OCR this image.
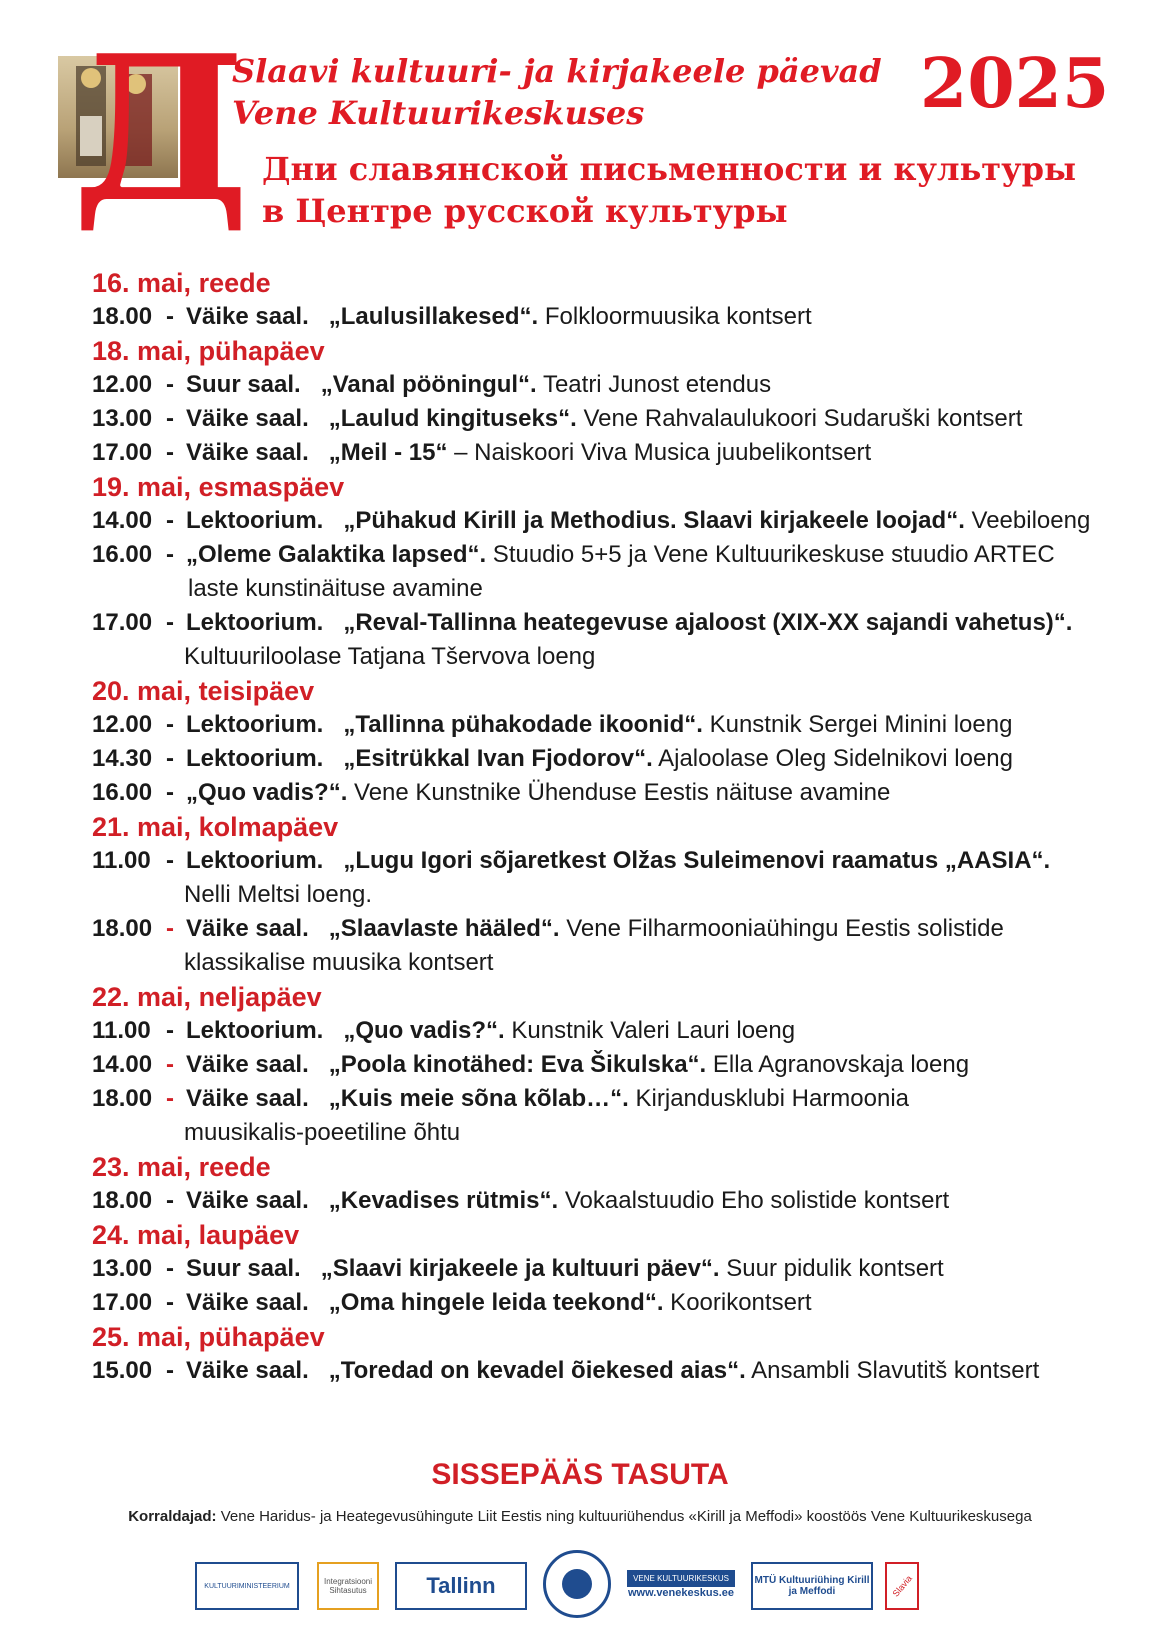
Д
Slaavi kultuuri- ja kirjakeele päevad
Vene Kultuurikeskuses
Дни славянской письменности и культуры
в Центре русской культуры
2025
16. mai, reede
18.00 - Väike saal. „Laulusillakesed“. Folkloormuusika kontsert
18. mai, pühapäev
12.00 - Suur saal. „Vanal pööningul“. Teatri Junost etendus
13.00 - Väike saal. „Laulud kingituseks“. Vene Rahvalaulukoori Sudaruški kontsert
17.00 - Väike saal. „Meil - 15“ – Naiskoori Viva Musica juubelikontsert
19. mai, esmaspäev
14.00 - Lektoorium. „Pühakud Kirill ja Methodius. Slaavi kirjakeele loojad“. Veebiloeng
16.00 - „Oleme Galaktika lapsed“. Stuudio 5+5 ja Vene Kultuurikeskuse stuudio ARTEC
laste kunstinäituse avamine
17.00 - Lektoorium. „Reval-Tallinna heategevuse ajaloost (XIX-XX sajandi vahetus)“.
Kultuuriloolase Tatjana Tšervova loeng
20. mai, teisipäev
12.00 - Lektoorium. „Tallinna pühakodade ikoonid“. Kunstnik Sergei Minini loeng
14.30 - Lektoorium. „Esitrükkal Ivan Fjodorov“. Ajaloolase Oleg Sidelnikovi loeng
16.00 - „Quo vadis?“. Vene Kunstnike Ühenduse Eestis näituse avamine
21. mai, kolmapäev
11.00 - Lektoorium. „Lugu Igori sõjaretkest Olžas Suleimenovi raamatus „AASIA“.
Nelli Meltsi loeng.
18.00 - Väike saal. „Slaavlaste hääled“. Vene Filharmooniaühingu Eestis solistide
klassikalise muusika kontsert
22. mai, neljapäev
11.00 - Lektoorium. „Quo vadis?“. Kunstnik Valeri Lauri loeng
14.00 - Väike saal. „Poola kinotähed: Eva Šikulska“. Ella Agranovskaja loeng
18.00 - Väike saal. „Kuis meie sõna kõlab…“. Kirjandusklubi Harmoonia
muusikalis-poeetiline õhtu
23. mai, reede
18.00 - Väike saal. „Kevadises rütmis“. Vokaalstuudio Eho solistide kontsert
24. mai, laupäev
13.00 - Suur saal. „Slaavi kirjakeele ja kultuuri päev“. Suur pidulik kontsert
17.00 - Väike saal. „Oma hingele leida teekond“. Koorikontsert
25. mai, pühapäev
15.00 - Väike saal. „Toredad on kevadel õiekesed aias“. Ansambli Slavutitš kontsert
SISSEPÄÄS TASUTA
Korraldajad: Vene Haridus- ja Heategevusühingute Liit Eestis ning kultuuriühendus «Kirill ja Meffodi» koostöös Vene Kultuurikeskusega
KULTUURIMINISTEERIUM	Integratsiooni Sihtasutus	Tallinn	VENE KULTUURIKESKUS
www.venekeskus.ee
MTÜ Kultuuriühing Kirill ja Meffodi	Slavia
